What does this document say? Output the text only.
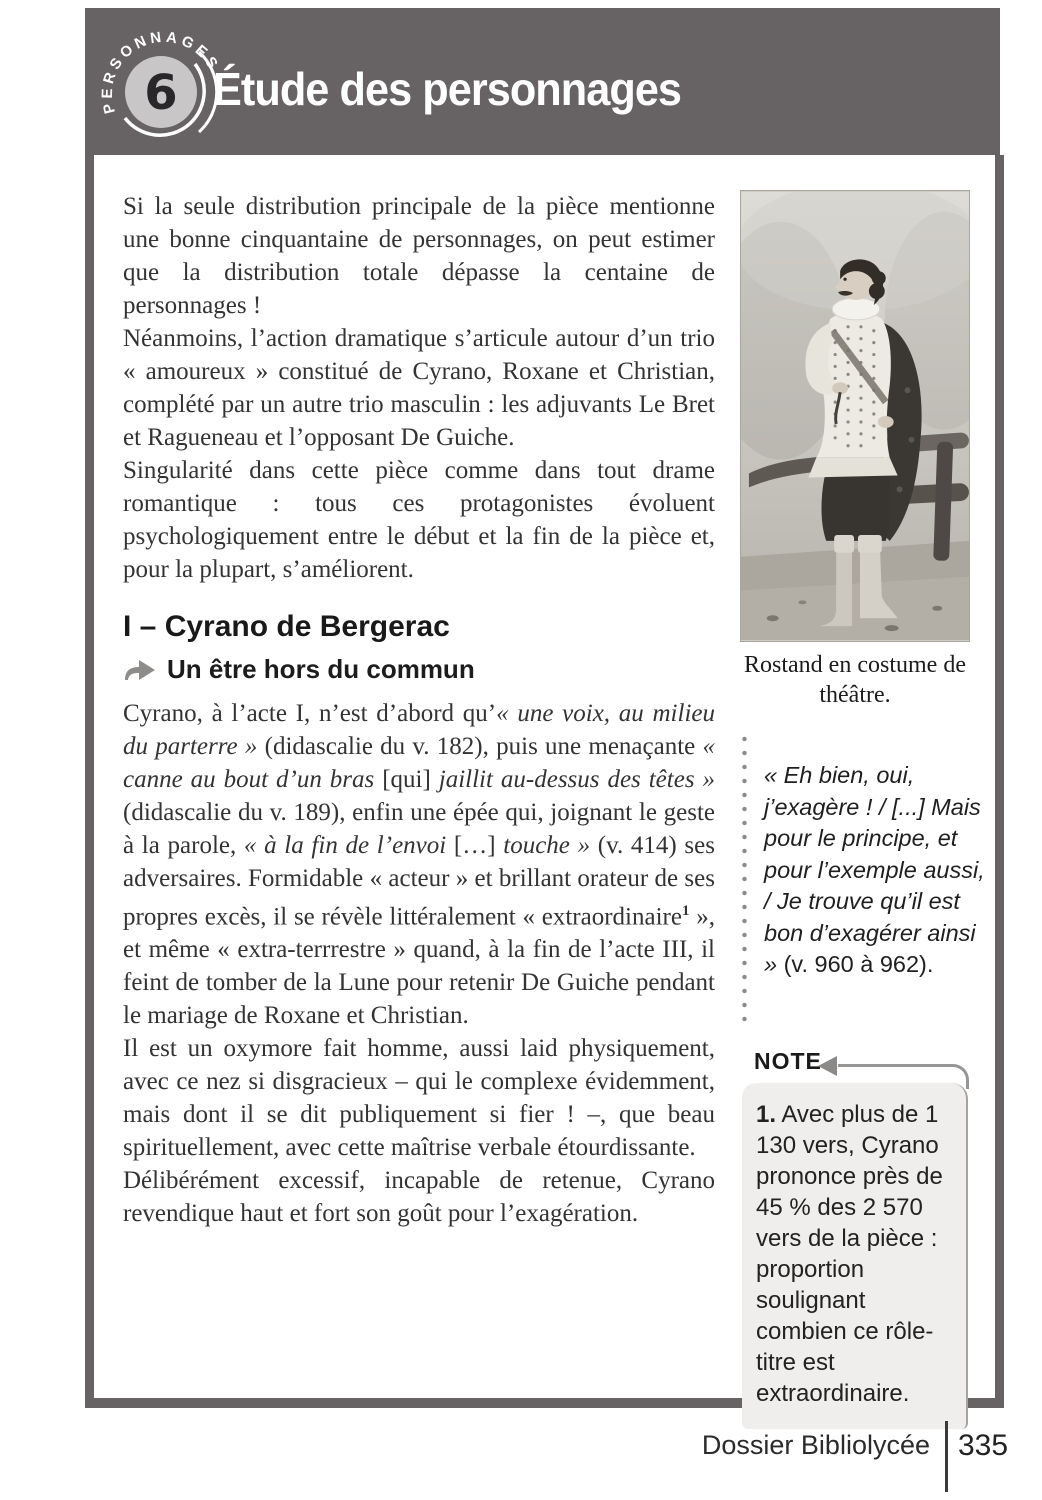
6
PERSONNAGES
Étude des personnages

Si la seule distribution principale de la pièce mentionne une bonne cinquantaine de personnages, on peut estimer que la distribution totale dépasse la centaine de personnages !

Néanmoins, l’action dramatique s’articule autour d’un trio « amoureux » constitué de Cyrano, Roxane et Christian, complété par un autre trio masculin : les adjuvants Le Bret et Ragueneau et l’opposant De Guiche.

Singularité dans cette pièce comme dans tout drame romantique : tous ces protagonistes évoluent psychologiquement entre le début et la fin de la pièce et, pour la plupart, s’améliorent.

I – Cyrano de Bergerac
Un être hors du commun

Cyrano, à l’acte I, n’est d’abord qu’« une voix, au milieu du parterre » (didascalie du v. 182), puis une menaçante « canne au bout d’un bras [qui] jaillit au-dessus des têtes » (didascalie du v. 189), enfin une épée qui, joignant le geste à la parole, « à la fin de l’envoi […] touche » (v. 414) ses adversaires. Formidable « acteur » et brillant orateur de ses propres excès, il se révèle littéralement « extraordinaire$^1$ », et même « extra-terrrestre » quand, à la fin de l’acte III, il feint de tomber de la Lune pour retenir De Guiche pendant le mariage de Roxane et Christian.

Il est un oxymore fait homme, aussi laid physiquement, avec ce nez si disgracieux – qui le complexe évidemment, mais dont il se dit publiquement si fier ! –, que beau spirituellement, avec cette maîtrise verbale étourdissante.

Délibérément excessif, incapable de retenue, Cyrano revendique haut et fort son goût pour l’exagération.

Rostand en costume de théâtre.
« Eh bien, oui, j’exagère ! / [...] Mais pour le principe, et pour l’exemple aussi, / Je trouve qu’il est bon d’exagérer ainsi » (v. 960 à 962).
NOTE
1. Avec plus de 1 130 vers, Cyrano prononce près de 45 % des 2 570 vers de la pièce : proportion soulignant combien ce rôle-titre est extraordinaire.
Dossier Bibliolycée 335
